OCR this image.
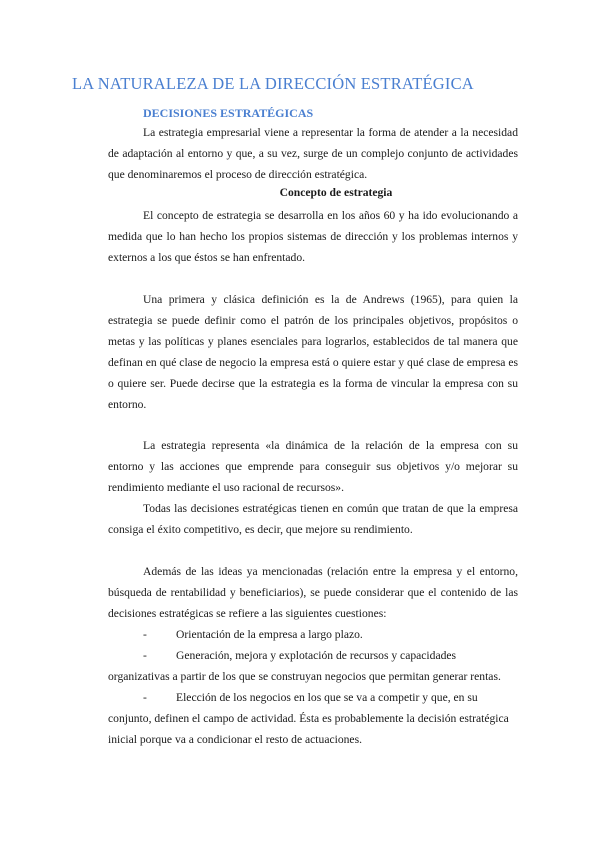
LA NATURALEZA DE LA DIRECCIÓN ESTRATÉGICA
DECISIONES ESTRATÉGICAS
La estrategia empresarial viene a representar la forma de atender a la necesidad de adaptación al entorno y que, a su vez, surge de un complejo conjunto de actividades que denominaremos el proceso de dirección estratégica.
Concepto de estrategia
El concepto de estrategia se desarrolla en los años 60 y ha ido evolucionando a medida que lo han hecho los propios sistemas de dirección y los problemas internos y externos a los que éstos se han enfrentado.
Una primera y clásica definición es la de Andrews (1965), para quien la estrategia se puede definir como el patrón de los principales objetivos, propósitos o metas y las políticas y planes esenciales para lograrlos, establecidos de tal manera que definan en qué clase de negocio la empresa está o quiere estar y qué clase de empresa es o quiere ser. Puede decirse que la estrategia es la forma de vincular la empresa con su entorno.
La estrategia representa «la dinámica de la relación de la empresa con su entorno y las acciones que emprende para conseguir sus objetivos y/o mejorar su rendimiento mediante el uso racional de recursos».
Todas las decisiones estratégicas tienen en común que tratan de que la empresa consiga el éxito competitivo, es decir, que mejore su rendimiento.
Además de las ideas ya mencionadas (relación entre la empresa y el entorno, búsqueda de rentabilidad y beneficiarios), se puede considerar que el contenido de las decisiones estratégicas se refiere a las siguientes cuestiones:
-	Orientación de la empresa a largo plazo.
-	Generación, mejora y explotación de recursos y capacidades organizativas a partir de los que se construyan negocios que permitan generar rentas.
-	Elección de los negocios en los que se va a competir y que, en su conjunto, definen el campo de actividad. Ésta es probablemente la decisión estratégica inicial porque va a condicionar el resto de actuaciones.
